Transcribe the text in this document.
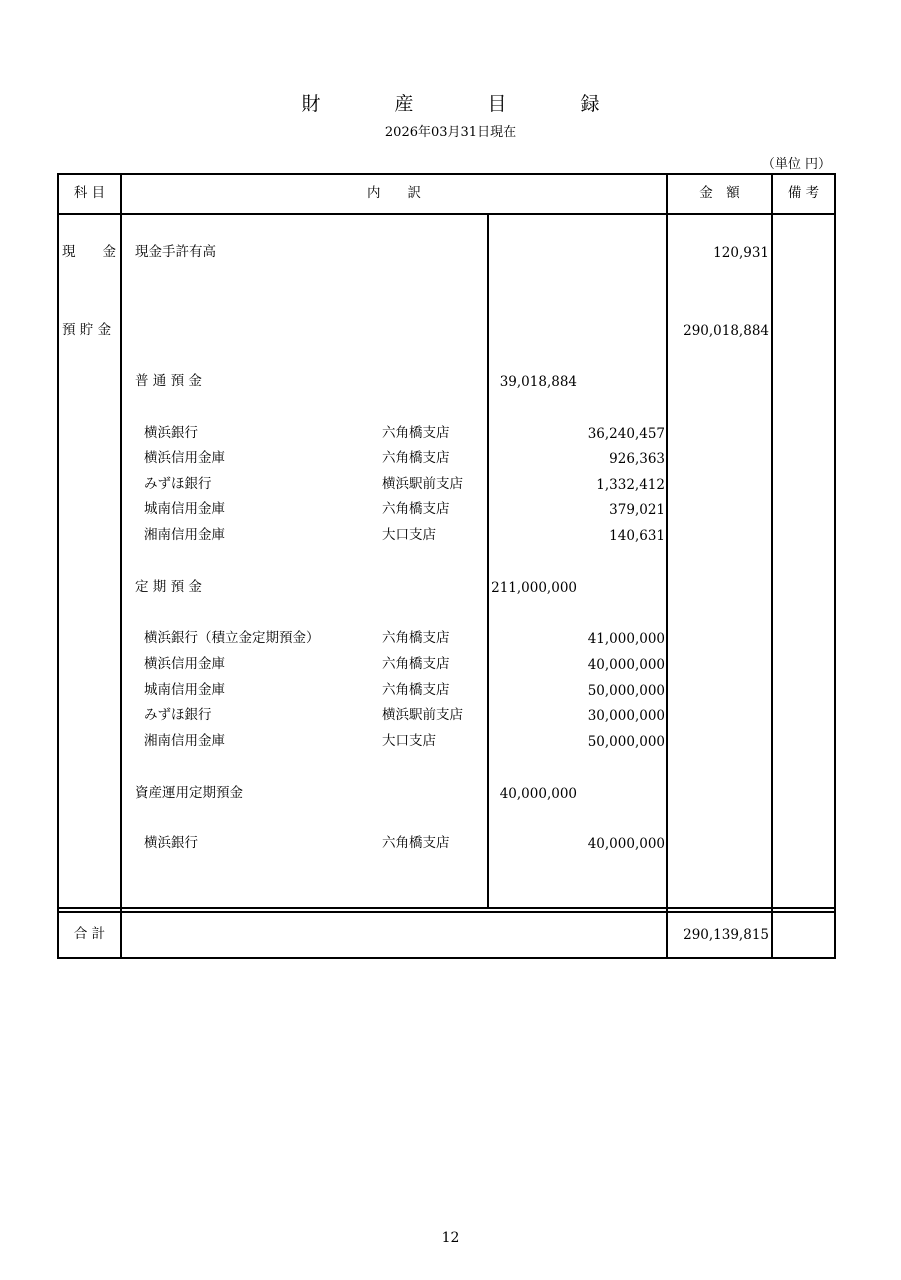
財 産 目 録
2026年03月31日現在
（単位 円）
科 目	内　　訳	金　額	備 考
現　　金 現金手許有高	120,931
預 貯 金	290,018,884
普 通 預 金	39,018,884
横浜銀行	六角橋支店	36,240,457
横浜信用金庫	六角橋支店	926,363
みずほ銀行	横浜駅前支店	1,332,412
城南信用金庫	六角橋支店	379,021
湘南信用金庫	大口支店	140,631
定 期 預 金	211,000,000
横浜銀行（積立金定期預金）	六角橋支店	41,000,000
横浜信用金庫	六角橋支店	40,000,000
城南信用金庫	六角橋支店	50,000,000
みずほ銀行	横浜駅前支店	30,000,000
湘南信用金庫	大口支店	50,000,000
資産運用定期預金	40,000,000
横浜銀行	六角橋支店	40,000,000
合 計	290,139,815
12
